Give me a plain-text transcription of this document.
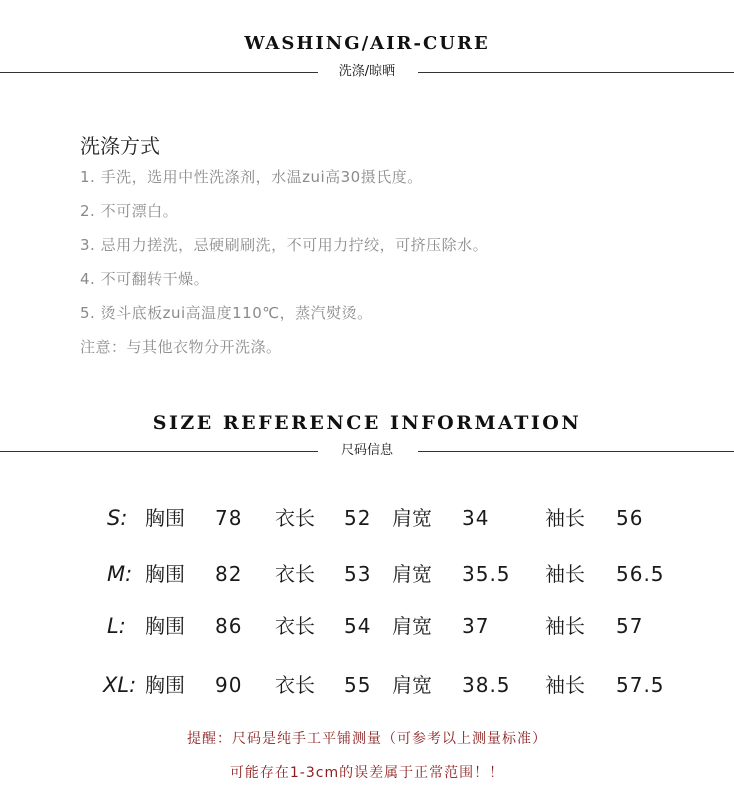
WASHING/AIR-CURE
洗涤/晾晒
洗涤方式
1. 手洗，选用中性洗涤剂，水温zui高30摄氏度。
2. 不可漂白。
3. 忌用力搓洗，忌硬刷刷洗，不可用力拧绞，可挤压除水。
4. 不可翻转干燥。
5. 烫斗底板zui高温度110℃，蒸汽熨烫。
注意：与其他衣物分开洗涤。
SIZE REFERENCE INFORMATION
尺码信息
S: 胸围 78 衣长 52 肩宽 34	袖长 56
M: 胸围 82 衣长 53 肩宽 35.5 袖长 56.5
L: 胸围 86 衣长 54 肩宽 37	袖长 57
XL: 胸围 90 衣长 55 肩宽 38.5 袖长 57.5
提醒：尺码是纯手工平铺测量（可参考以上测量标准）
可能存在1-3cm的误差属于正常范围！！
